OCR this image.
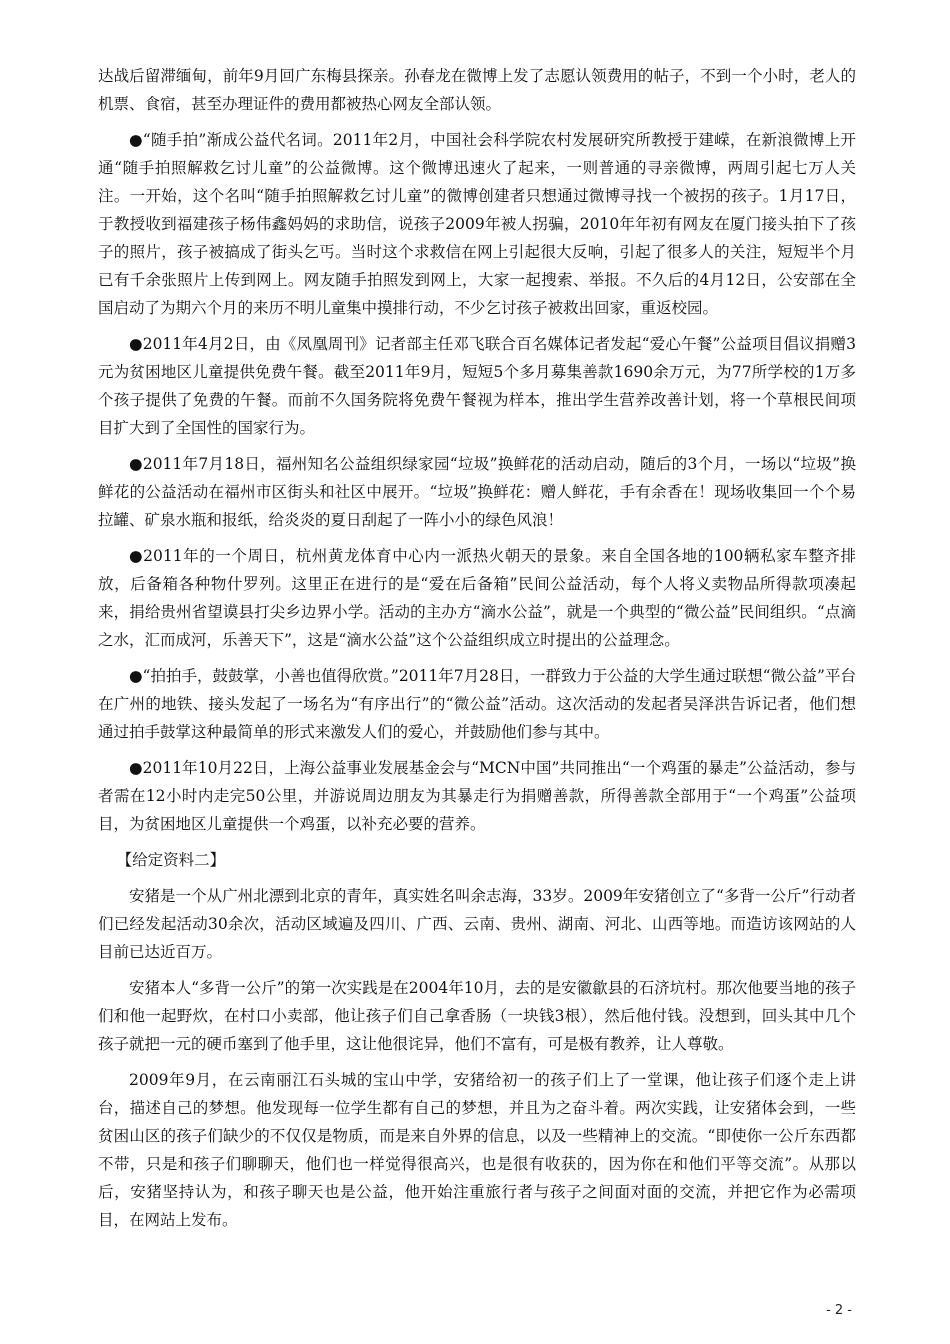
达战后留滞缅甸，前年9月回广东梅县探亲。孙春龙在微博上发了志愿认领费用的帖子，不到一个小时，老人的机票、食宿，甚至办理证件的费用都被热心网友全部认领。

●“随手拍”渐成公益代名词。2011年2月，中国社会科学院农村发展研究所教授于建嵘，在新浪微博上开通“随手拍照解救乞讨儿童”的公益微博。这个微博迅速火了起来，一则普通的寻亲微博，两周引起七万人关注。一开始，这个名叫“随手拍照解救乞讨儿童”的微博创建者只想通过微博寻找一个被拐的孩子。1月17日，于教授收到福建孩子杨伟鑫妈妈的求助信，说孩子2009年被人拐骗，2010年年初有网友在厦门接头拍下了孩子的照片，孩子被搞成了街头乞丐。当时这个求救信在网上引起很大反响，引起了很多人的关注，短短半个月已有千余张照片上传到网上。网友随手拍照发到网上，大家一起搜索、举报。不久后的4月12日，公安部在全国启动了为期六个月的来历不明儿童集中摸排行动，不少乞讨孩子被救出回家，重返校园。

●2011年4月2日，由《凤凰周刊》记者部主任邓飞联合百名媒体记者发起“爱心午餐”公益项目倡议捐赠3元为贫困地区儿童提供免费午餐。截至2011年9月，短短5个多月募集善款1690余万元，为77所学校的1万多个孩子提供了免费的午餐。而前不久国务院将免费午餐视为样本，推出学生营养改善计划，将一个草根民间项目扩大到了全国性的国家行为。

●2011年7月18日，福州知名公益组织绿家园“垃圾”换鲜花的活动启动，随后的3个月，一场以“垃圾”换鲜花的公益活动在福州市区街头和社区中展开。“垃圾”换鲜花：赠人鲜花，手有余香在！现场收集回一个个易拉罐、矿泉水瓶和报纸，给炎炎的夏日刮起了一阵小小的绿色风浪！

●2011年的一个周日，杭州黄龙体育中心内一派热火朝天的景象。来自全国各地的100辆私家车整齐排放，后备箱各种物什罗列。这里正在进行的是“爱在后备箱”民间公益活动，每个人将义卖物品所得款项凑起来，捐给贵州省望谟县打尖乡边界小学。活动的主办方“滴水公益”，就是一个典型的“微公益”民间组织。“点滴之水，汇而成河，乐善天下”，这是“滴水公益”这个公益组织成立时提出的公益理念。

●“拍拍手，鼓鼓掌，小善也值得欣赏。”2011年7月28日，一群致力于公益的大学生通过联想“微公益”平台在广州的地铁、接头发起了一场名为“有序出行”的“微公益”活动。这次活动的发起者吴泽洪告诉记者，他们想通过拍手鼓掌这种最简单的形式来激发人们的爱心，并鼓励他们参与其中。

●2011年10月22日，上海公益事业发展基金会与“MCN中国”共同推出“一个鸡蛋的暴走”公益活动，参与者需在12小时内走完50公里，并游说周边朋友为其暴走行为捐赠善款，所得善款全部用于“一个鸡蛋”公益项目，为贫困地区儿童提供一个鸡蛋，以补充必要的营养。

【给定资料二】

安猪是一个从广州北漂到北京的青年，真实姓名叫余志海，33岁。2009年安猪创立了“多背一公斤”行动者们已经发起活动30余次，活动区域遍及四川、广西、云南、贵州、湖南、河北、山西等地。而造访该网站的人目前已达近百万。

安猪本人“多背一公斤”的第一次实践是在2004年10月，去的是安徽歙县的石济坑村。那次他要当地的孩子们和他一起野炊，在村口小卖部，他让孩子们自己拿香肠（一块钱3根），然后他付钱。没想到，回头其中几个孩子就把一元的硬币塞到了他手里，这让他很诧异，他们不富有，可是极有教养，让人尊敬。

2009年9月，在云南丽江石头城的宝山中学，安猪给初一的孩子们上了一堂课，他让孩子们逐个走上讲台，描述自己的梦想。他发现每一位学生都有自己的梦想，并且为之奋斗着。两次实践，让安猪体会到，一些贫困山区的孩子们缺少的不仅仅是物质，而是来自外界的信息，以及一些精神上的交流。“即使你一公斤东西都不带，只是和孩子们聊聊天，他们也一样觉得很高兴，也是很有收获的，因为你在和他们平等交流”。从那以后，安猪坚持认为，和孩子聊天也是公益，他开始注重旅行者与孩子之间面对面的交流，并把它作为必需项目，在网站上发布。

- 2 -
